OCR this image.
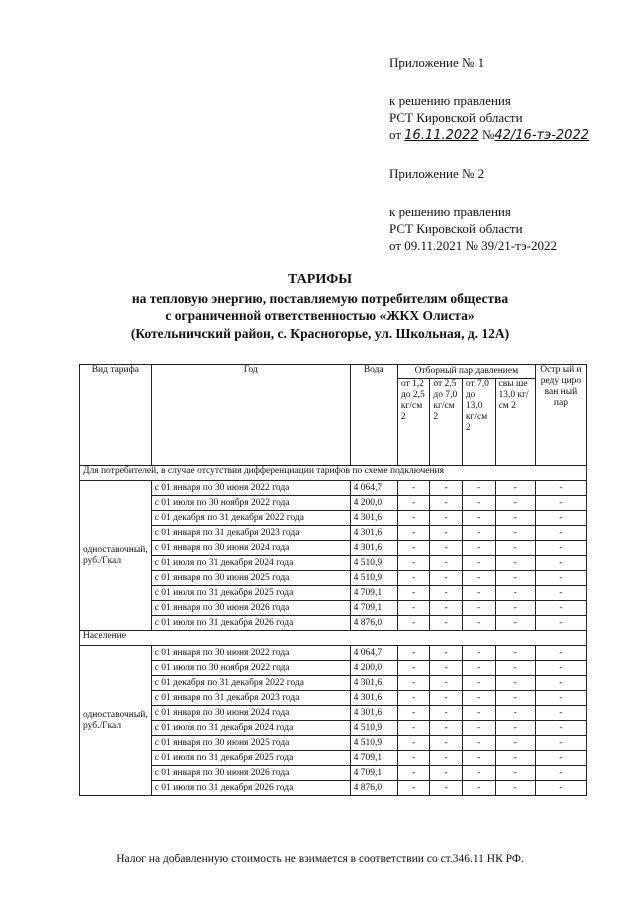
Приложение № 1
к решению правления
РСТ Кировской области
от 16.11.2022 №42/16-тэ-2022
Приложение № 2
к решению правления
РСТ Кировской области
от 09.11.2021 № 39/21-тэ-2022
ТАРИФЫ
на тепловую энергию, поставляемую потребителям общества
с ограниченной ответственностью «ЖКХ Олиста»
(Котельничский район, с. Красногорье, ул. Школьная, д. 12А)
Вид тарифа	Год	Вода	Отборный пар давлением				Остр ый и реду циро ван ный пар
			от 1,2 до 2,5 кг/см 2	от 2,5 до 7,0 кг/см 2	от 7,0 до 13,0 кг/см 2	свы ше 13,0 кг/см 2	
Для потребителей, в случае отсутствия дифференциации тарифов по схеме подключения							
одноставочный, руб./Гкал	с 01 января по 30 июня 2022 года	4 064,7	-	-	-	-	-
	с 01 июля по 30 ноября 2022 года	4 200,0	-	-	-	-	-
	с 01 декабря по 31 декабря 2022 года	4 301,6	-	-	-	-	-
	с 01 января по 31 декабря 2023 года	4 301,6	-	-	-	-	-
	с 01 января по 30 июня 2024 года	4 301,6	-	-	-	-	-
	с 01 июля по 31 декабря 2024 года	4 510,9	-	-	-	-	-
	с 01 января по 30 июня 2025 года	4 510,9	-	-	-	-	-
	с 01 июля по 31 декабря 2025 года	4 709,1	-	-	-	-	-
	с 01 января по 30 июня 2026 года	4 709,1	-	-	-	-	-
	с 01 июля по 31 декабря 2026 года	4 876,0	-	-	-	-	-
Население							
одноставочный, руб./Гкал	с 01 января по 30 июня 2022 года	4 064,7	-	-	-	-	-
	с 01 июля по 30 ноября 2022 года	4 200,0	-	-	-	-	-
	с 01 декабря по 31 декабря 2022 года	4 301,6	-	-	-	-	-
	с 01 января по 31 декабря 2023 года	4 301,6	-	-	-	-	-
	с 01 января по 30 июня 2024 года	4 301,6	-	-	-	-	-
	с 01 июля по 31 декабря 2024 года	4 510,9	-	-	-	-	-
	с 01 января по 30 июня 2025 года	4 510,9	-	-	-	-	-
	с 01 июля по 31 декабря 2025 года	4 709,1	-	-	-	-	-
	с 01 января по 30 июня 2026 года	4 709,1	-	-	-	-	-
	с 01 июля по 31 декабря 2026 года	4 876,0	-	-	-	-	-
Налог на добавленную стоимость не взимается в соответствии со ст.346.11 НК РФ.
